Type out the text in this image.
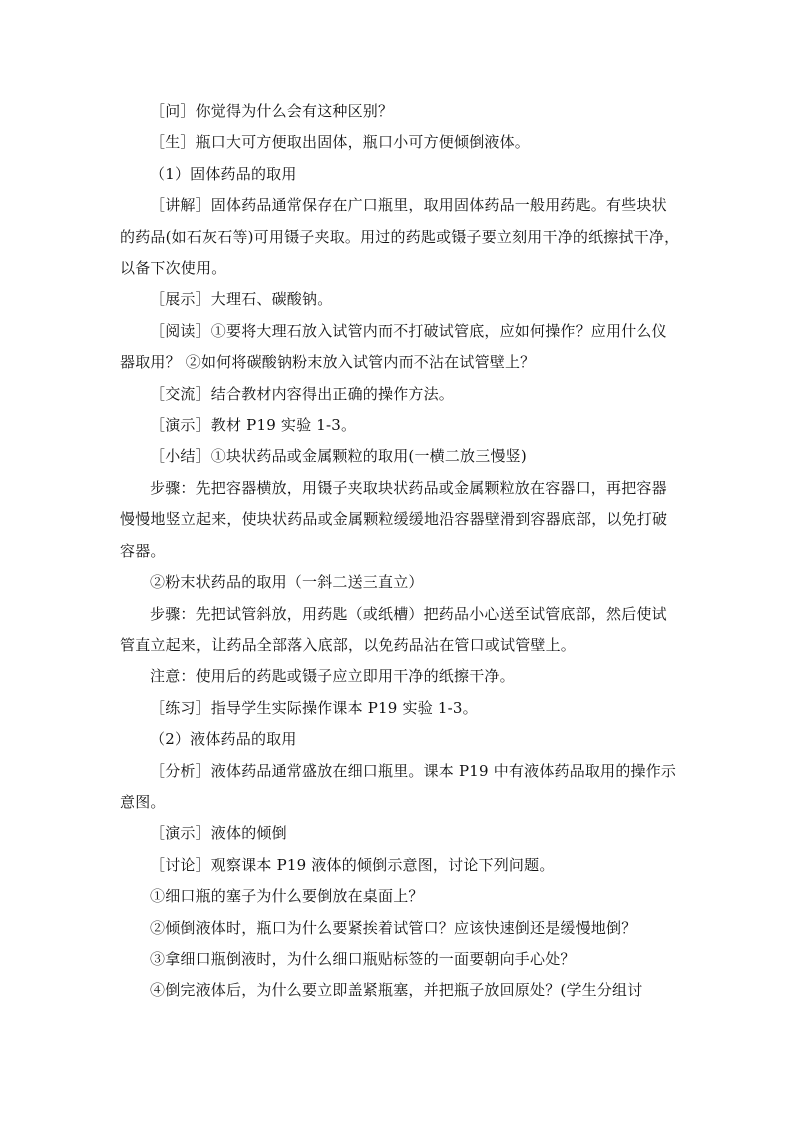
［问］你觉得为什么会有这种区别？

［生］瓶口大可方便取出固体，瓶口小可方便倾倒液体。

（1）固体药品的取用

［讲解］固体药品通常保存在广口瓶里，取用固体药品一般用药匙。有些块状的药品(如石灰石等)可用镊子夹取。用过的药匙或镊子要立刻用干净的纸擦拭干净，以备下次使用。

［展示］大理石、碳酸钠。

［阅读］①要将大理石放入试管内而不打破试管底，应如何操作？应用什么仪器取用？ ②如何将碳酸钠粉末放入试管内而不沾在试管壁上？

［交流］结合教材内容得出正确的操作方法。

［演示］教材 P19 实验 1-3。

［小结］①块状药品或金属颗粒的取用(一横二放三慢竖)

步骤：先把容器横放，用镊子夹取块状药品或金属颗粒放在容器口，再把容器慢慢地竖立起来，使块状药品或金属颗粒缓缓地沿容器壁滑到容器底部，以免打破容器。

②粉末状药品的取用（一斜二送三直立）

步骤：先把试管斜放，用药匙（或纸槽）把药品小心送至试管底部，然后使试管直立起来，让药品全部落入底部，以免药品沾在管口或试管壁上。

注意：使用后的药匙或镊子应立即用干净的纸擦干净。

［练习］指导学生实际操作课本 P19 实验 1-3。

（2）液体药品的取用

［分析］液体药品通常盛放在细口瓶里。课本 P19 中有液体药品取用的操作示意图。

［演示］液体的倾倒

［讨论］观察课本 P19 液体的倾倒示意图，讨论下列问题。

①细口瓶的塞子为什么要倒放在桌面上？

②倾倒液体时，瓶口为什么要紧挨着试管口？应该快速倒还是缓慢地倒？

③拿细口瓶倒液时，为什么细口瓶贴标签的一面要朝向手心处？

④倒完液体后，为什么要立即盖紧瓶塞，并把瓶子放回原处？(学生分组讨
